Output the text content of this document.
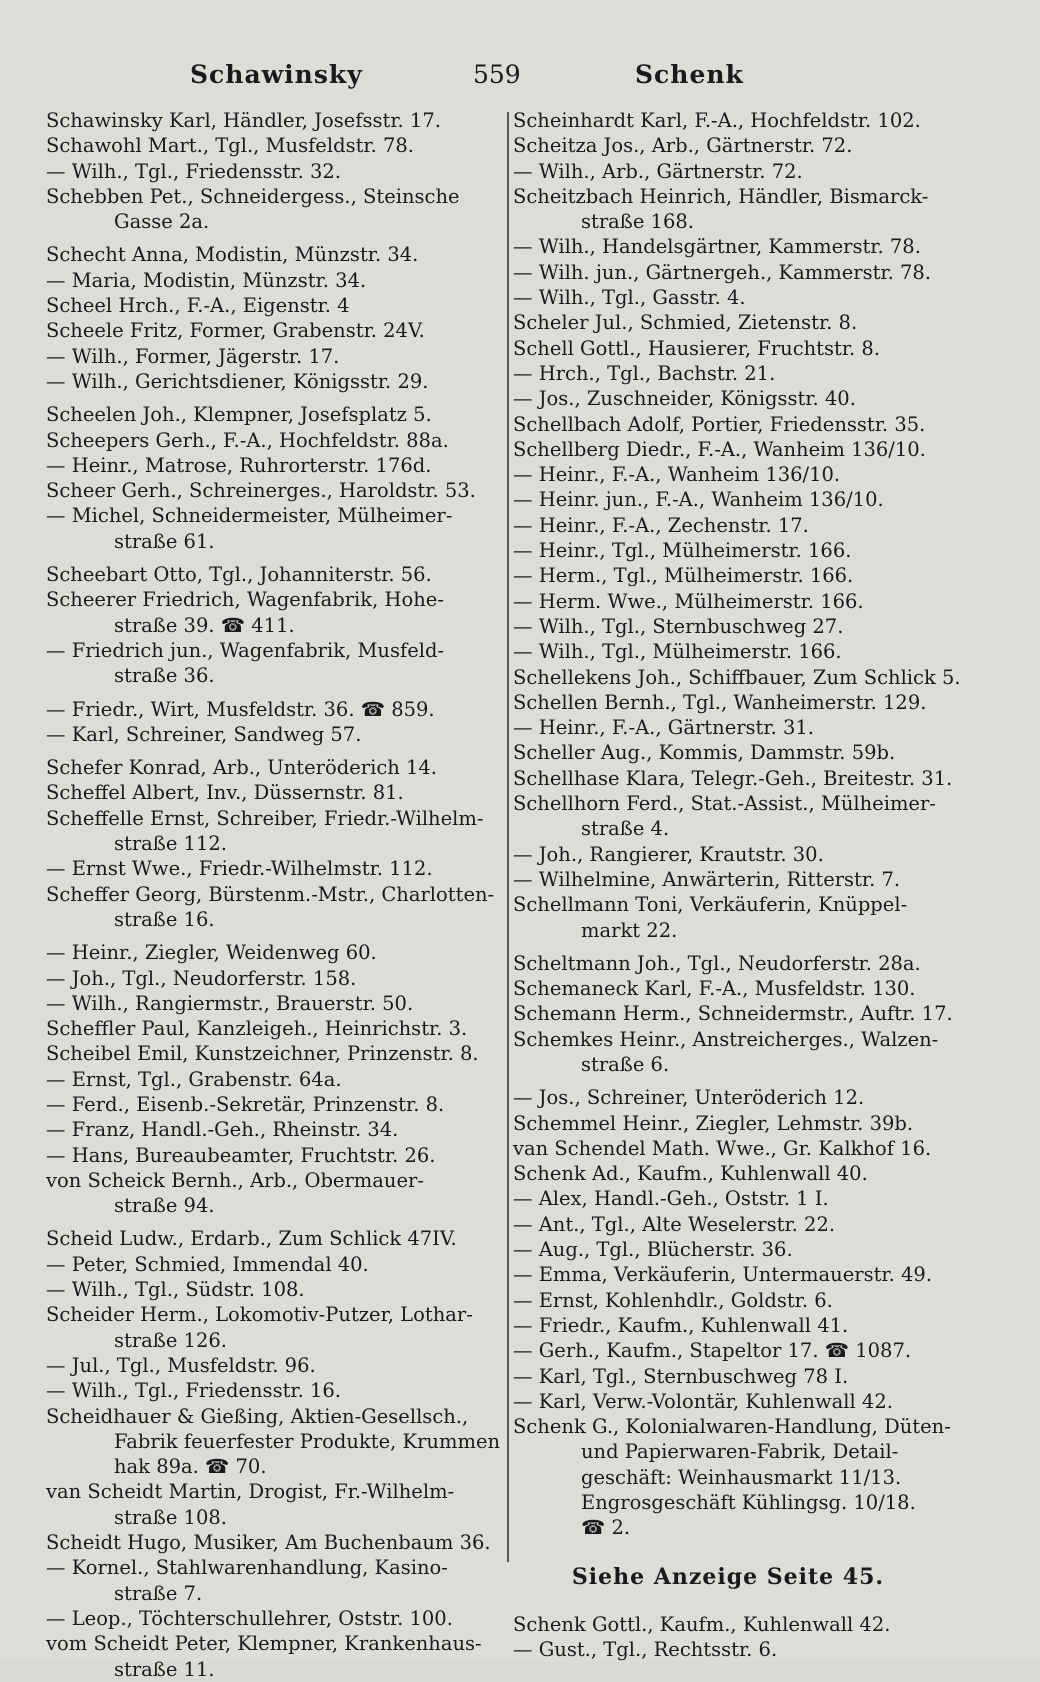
Schawinsky	559	Schenk
Schawinsky Karl, Händler, Josefsstr. 17.
Schawohl Mart., Tgl., Musfeldstr. 78.
— Wilh., Tgl., Friedensstr. 32.
Schebben Pet., Schneidergess., Steinsche
Gasse 2a.
Schecht Anna, Modistin, Münzstr. 34.
— Maria, Modistin, Münzstr. 34.
Scheel Hrch., F.-A., Eigenstr. 4
Scheele Fritz, Former, Grabenstr. 24V.
— Wilh., Former, Jägerstr. 17.
— Wilh., Gerichtsdiener, Königsstr. 29.
Scheelen Joh., Klempner, Josefsplatz 5.
Scheepers Gerh., F.-A., Hochfeldstr. 88a.
— Heinr., Matrose, Ruhrorterstr. 176d.
Scheer Gerh., Schreinerges., Haroldstr. 53.
— Michel, Schneidermeister, Mülheimer-
straße 61.
Scheebart Otto, Tgl., Johanniterstr. 56.
Scheerer Friedrich, Wagenfabrik, Hohe-
straße 39. ☎ 411.
— Friedrich jun., Wagenfabrik, Musfeld-
straße 36.
— Friedr., Wirt, Musfeldstr. 36. ☎ 859.
— Karl, Schreiner, Sandweg 57.
Schefer Konrad, Arb., Unteröderich 14.
Scheffel Albert, Inv., Düssernstr. 81.
Scheffelle Ernst, Schreiber, Friedr.-Wilhelm-
straße 112.
— Ernst Wwe., Friedr.-Wilhelmstr. 112.
Scheffer Georg, Bürstenm.-Mstr., Charlotten-
straße 16.
— Heinr., Ziegler, Weidenweg 60.
— Joh., Tgl., Neudorferstr. 158.
— Wilh., Rangiermstr., Brauerstr. 50.
Scheffler Paul, Kanzleigeh., Heinrichstr. 3.
Scheibel Emil, Kunstzeichner, Prinzenstr. 8.
— Ernst, Tgl., Grabenstr. 64a.
— Ferd., Eisenb.-Sekretär, Prinzenstr. 8.
— Franz, Handl.-Geh., Rheinstr. 34.
— Hans, Bureaubeamter, Fruchtstr. 26.
von Scheick Bernh., Arb., Obermauer-
straße 94.
Scheid Ludw., Erdarb., Zum Schlick 47IV.
— Peter, Schmied, Immendal 40.
— Wilh., Tgl., Südstr. 108.
Scheider Herm., Lokomotiv-Putzer, Lothar-
straße 126.
— Jul., Tgl., Musfeldstr. 96.
— Wilh., Tgl., Friedensstr. 16.
Scheidhauer & Gießing, Aktien-Gesellsch.,
Fabrik feuerfester Produkte, Krummen
hak 89a. ☎ 70.
van Scheidt Martin, Drogist, Fr.-Wilhelm-
straße 108.
Scheidt Hugo, Musiker, Am Buchenbaum 36.
— Kornel., Stahlwarenhandlung, Kasino-
straße 7.
— Leop., Töchterschullehrer, Oststr. 100.
vom Scheidt Peter, Klempner, Krankenhaus-
straße 11.
Scheinhardt Karl, F.-A., Hochfeldstr. 102.
Scheitza Jos., Arb., Gärtnerstr. 72.
— Wilh., Arb., Gärtnerstr. 72.
Scheitzbach Heinrich, Händler, Bismarck-
straße 168.
— Wilh., Handelsgärtner, Kammerstr. 78.
— Wilh. jun., Gärtnergeh., Kammerstr. 78.
— Wilh., Tgl., Gasstr. 4.
Scheler Jul., Schmied, Zietenstr. 8.
Schell Gottl., Hausierer, Fruchtstr. 8.
— Hrch., Tgl., Bachstr. 21.
— Jos., Zuschneider, Königsstr. 40.
Schellbach Adolf, Portier, Friedensstr. 35.
Schellberg Diedr., F.-A., Wanheim 136/10.
— Heinr., F.-A., Wanheim 136/10.
— Heinr. jun., F.-A., Wanheim 136/10.
— Heinr., F.-A., Zechenstr. 17.
— Heinr., Tgl., Mülheimerstr. 166.
— Herm., Tgl., Mülheimerstr. 166.
— Herm. Wwe., Mülheimerstr. 166.
— Wilh., Tgl., Sternbuschweg 27.
— Wilh., Tgl., Mülheimerstr. 166.
Schellekens Joh., Schiffbauer, Zum Schlick 5.
Schellen Bernh., Tgl., Wanheimerstr. 129.
— Heinr., F.-A., Gärtnerstr. 31.
Scheller Aug., Kommis, Dammstr. 59b.
Schellhase Klara, Telegr.-Geh., Breitestr. 31.
Schellhorn Ferd., Stat.-Assist., Mülheimer-
straße 4.
— Joh., Rangierer, Krautstr. 30.
— Wilhelmine, Anwärterin, Ritterstr. 7.
Schellmann Toni, Verkäuferin, Knüppel-
markt 22.
Scheltmann Joh., Tgl., Neudorferstr. 28a.
Schemaneck Karl, F.-A., Musfeldstr. 130.
Schemann Herm., Schneidermstr., Auftr. 17.
Schemkes Heinr., Anstreicherges., Walzen-
straße 6.
— Jos., Schreiner, Unteröderich 12.
Schemmel Heinr., Ziegler, Lehmstr. 39b.
van Schendel Math. Wwe., Gr. Kalkhof 16.
Schenk Ad., Kaufm., Kuhlenwall 40.
— Alex, Handl.-Geh., Oststr. 1 I.
— Ant., Tgl., Alte Weselerstr. 22.
— Aug., Tgl., Blücherstr. 36.
— Emma, Verkäuferin, Untermauerstr. 49.
— Ernst, Kohlenhdlr., Goldstr. 6.
— Friedr., Kaufm., Kuhlenwall 41.
— Gerh., Kaufm., Stapeltor 17. ☎ 1087.
— Karl, Tgl., Sternbuschweg 78 I.
— Karl, Verw.-Volontär, Kuhlenwall 42.
Schenk G., Kolonialwaren-Handlung, Düten-
und Papierwaren-Fabrik, Detail-
geschäft: Weinhausmarkt 11/13.
Engrosgeschäft Kühlingsg. 10/18.
☎ 2.
Siehe Anzeige Seite 45.
Schenk Gottl., Kaufm., Kuhlenwall 42.
— Gust., Tgl., Rechtsstr. 6.
